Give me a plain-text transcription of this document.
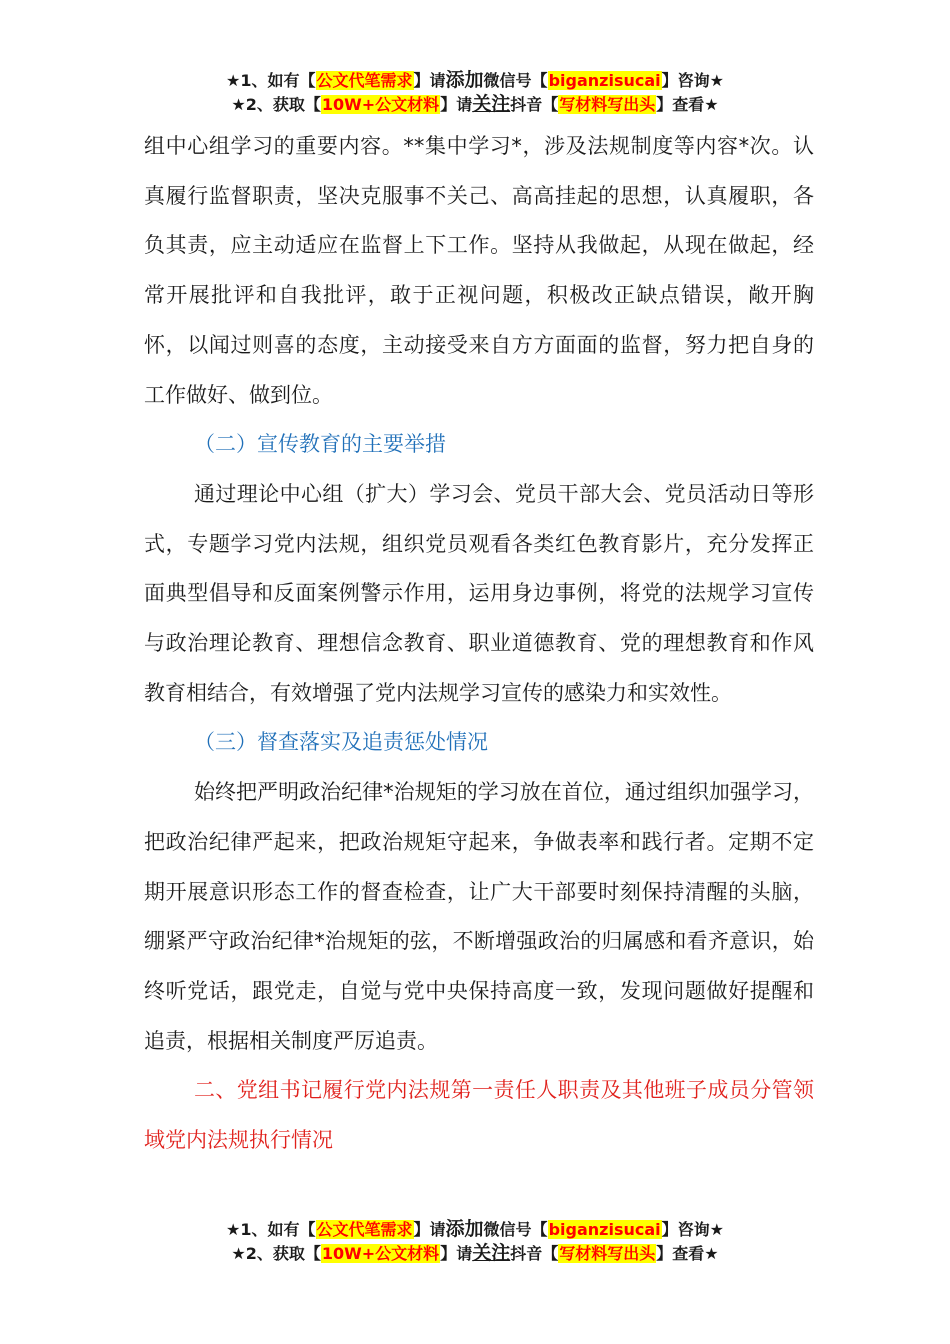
★1、如有【公文代笔需求】请添加微信号【biganzisucai】咨询★
★2、获取【10W+公文材料】请关注抖音【写材料写出头】查看★

组中心组学习的重要内容。**集中学习*，涉及法规制度等内容*次。认真履行监督职责，坚决克服事不关己、高高挂起的思想，认真履职，各负其责，应主动适应在监督上下工作。坚持从我做起，从现在做起，经常开展批评和自我批评，敢于正视问题，积极改正缺点错误，敞开胸怀，以闻过则喜的态度，主动接受来自方方面面的监督，努力把自身的工作做好、做到位。

（二）宣传教育的主要举措

通过理论中心组（扩大）学习会、党员干部大会、党员活动日等形式，专题学习党内法规，组织党员观看各类红色教育影片，充分发挥正面典型倡导和反面案例警示作用，运用身边事例，将党的法规学习宣传与政治理论教育、理想信念教育、职业道德教育、党的理想教育和作风教育相结合，有效增强了党内法规学习宣传的感染力和实效性。

（三）督查落实及追责惩处情况

始终把严明政治纪律*治规矩的学习放在首位，通过组织加强学习，把政治纪律严起来，把政治规矩守起来，争做表率和践行者。定期不定期开展意识形态工作的督查检查，让广大干部要时刻保持清醒的头脑，绷紧严守政治纪律*治规矩的弦，不断增强政治的归属感和看齐意识，始终听党话，跟党走，自觉与党中央保持高度一致，发现问题做好提醒和追责，根据相关制度严厉追责。

二、党组书记履行党内法规第一责任人职责及其他班子成员分管领域党内法规执行情况

★1、如有【公文代笔需求】请添加微信号【biganzisucai】咨询★
★2、获取【10W+公文材料】请关注抖音【写材料写出头】查看★
